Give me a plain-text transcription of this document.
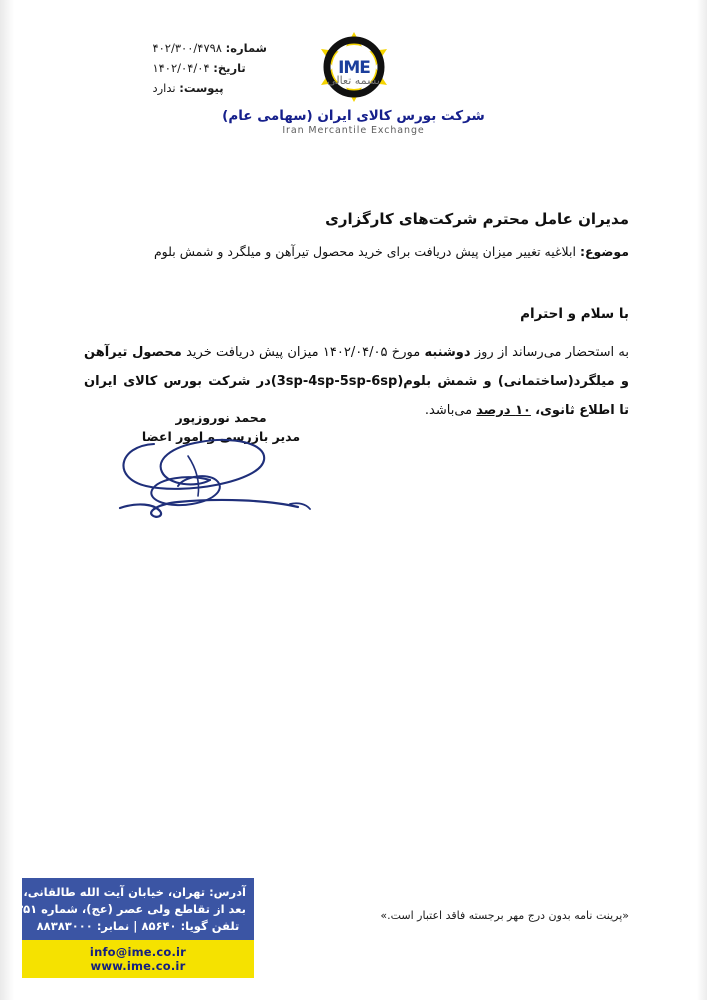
شماره: ۴۰۲/۳۰۰/۴۷۹۸
تاریخ: ۱۴۰۲/۰۴/۰۴
پیوست: ندارد
IME
بسمه تعالی
شرکت بورس کالای ایران (سهامی عام)
Iran Mercantile Exchange

مدیران عامل محترم شرکت‌های کارگزاری

موضوع: ابلاغیه تغییر میزان پیش دریافت برای خرید محصول تیرآهن و میلگرد و شمش بلوم

با سلام و احترام

به استحضار می‌رساند از روز دوشنبه مورخ ۱۴۰۲/۰۴/۰۵ میزان پیش دریافت خرید محصول تیرآهن و میلگرد(ساختمانی) و شمش بلوم(3sp-4sp-5sp-6sp)در شرکت بورس کالای ایران تا اطلاع ثانوی، ۱۰ درصد می‌باشد.

محمد نوروزپور

مدیر بازرسی و امور اعضا

«پرینت نامه بدون درج مهر برجسته فاقد اعتبار است.»
آدرس: تهران، خیابان آیت الله طالقانی،
بعد از تقاطع ولی عصر (عج)، شماره ۳۵۱
تلفن گویا: ۸۵۶۴۰ | نمابر: ۸۸۳۸۳۰۰۰
info@ime.co.ir www.ime.co.ir
